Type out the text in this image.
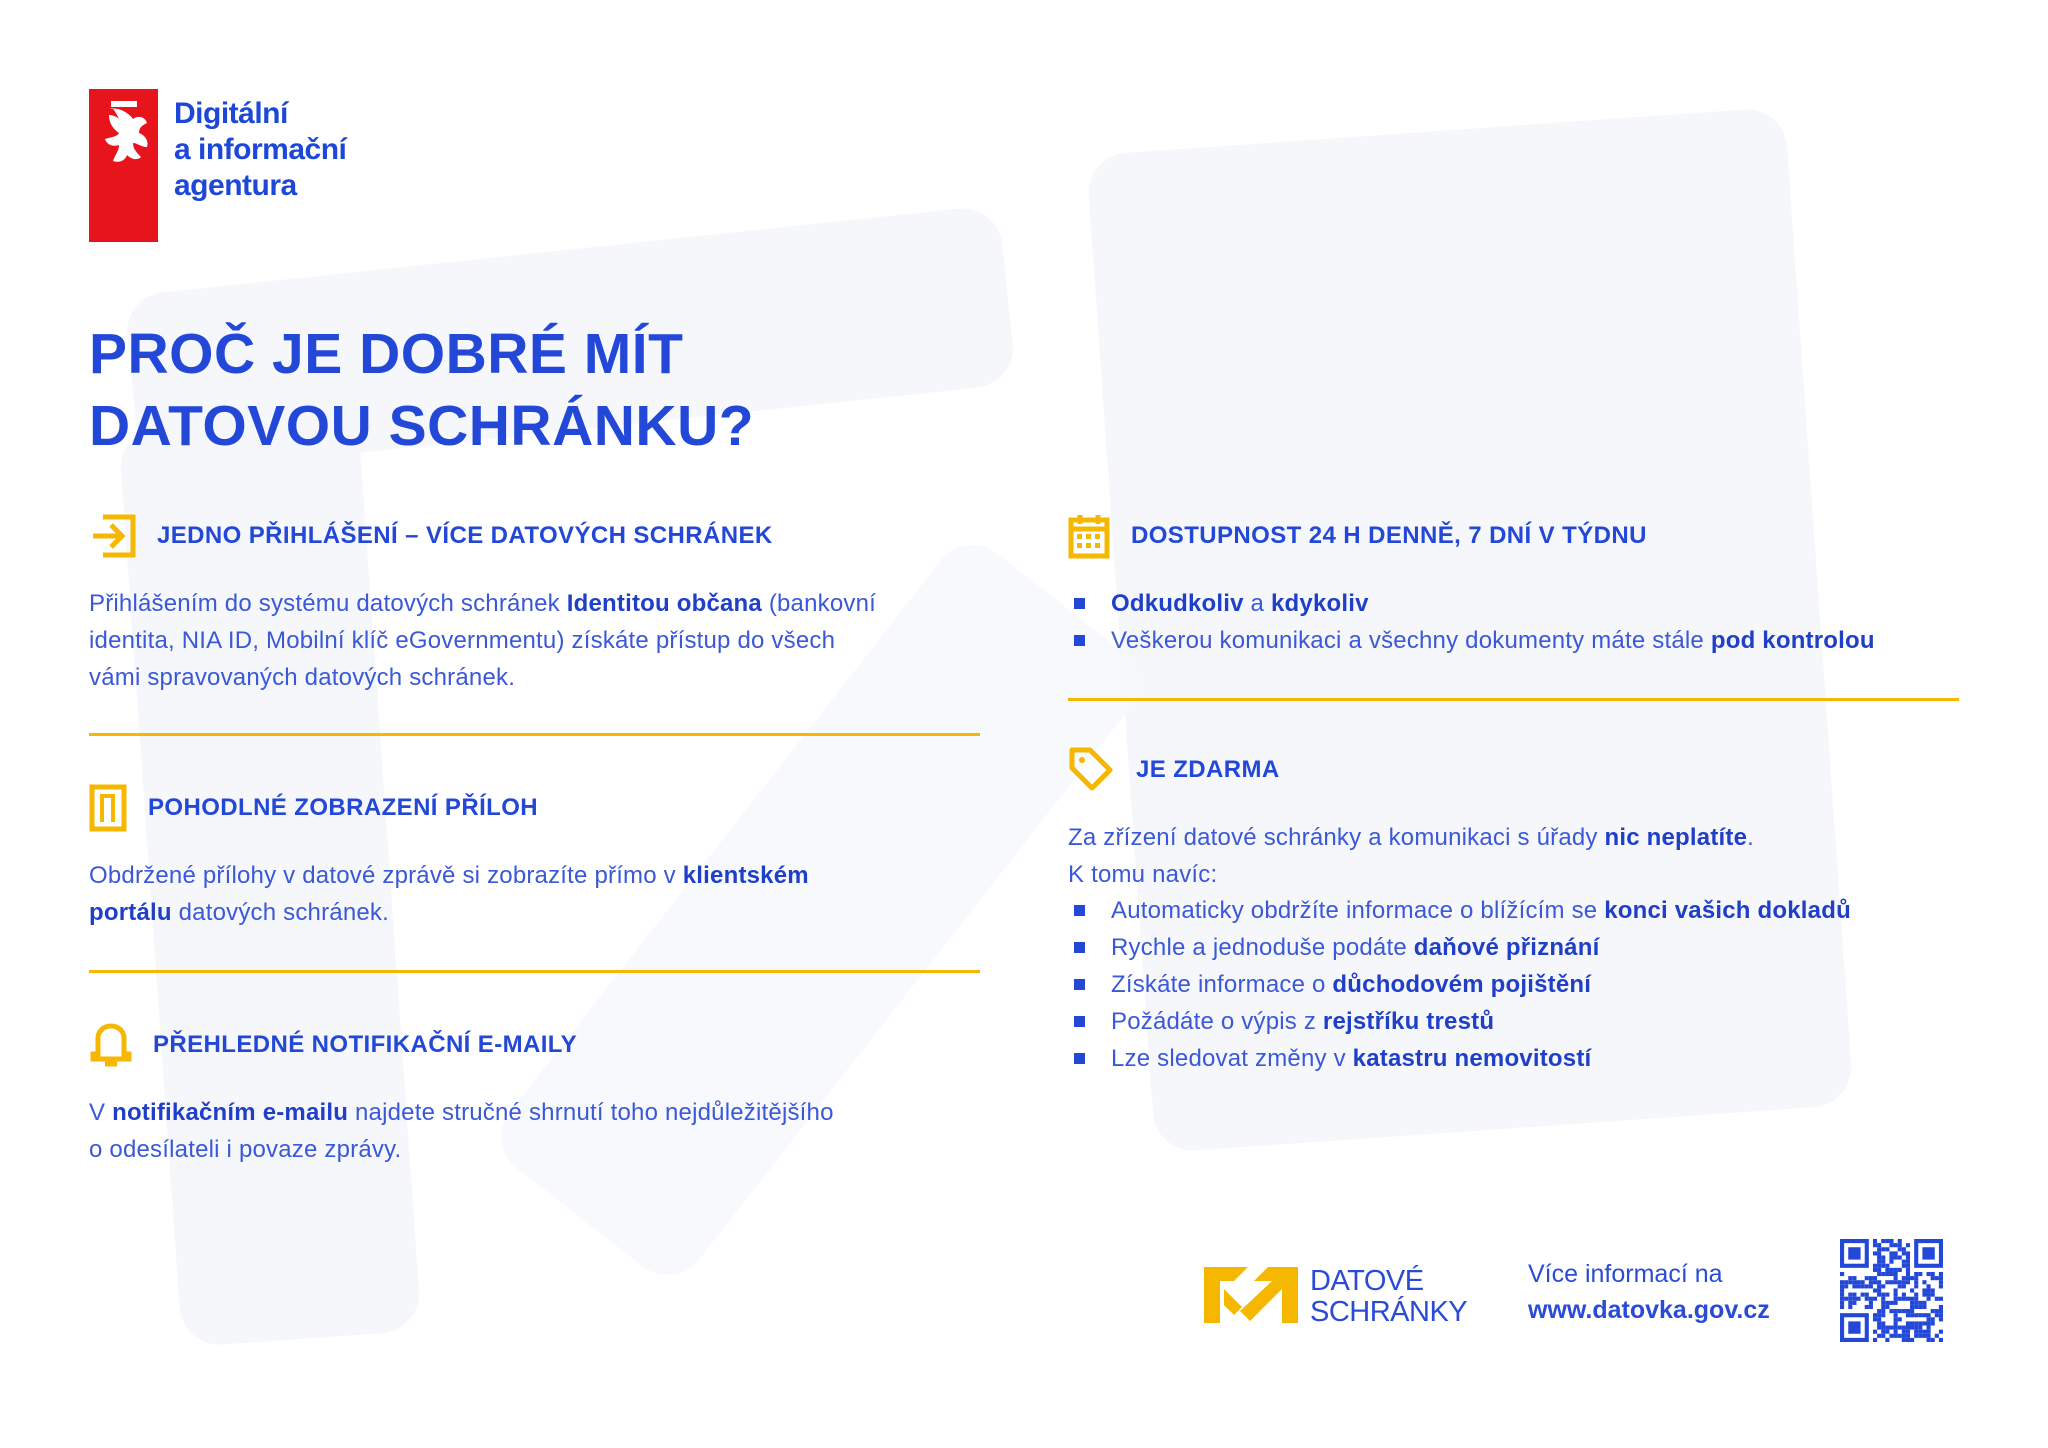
Digitální
a informační
agentura
PROČ JE DOBRÉ MÍT
DATOVOU SCHRÁNKU?
JEDNO PŘIHLÁŠENÍ – VÍCE DATOVÝCH SCHRÁNEK
Přihlášením do systému datových schránek Identitou občana (bankovní
identita, NIA ID, Mobilní klíč eGovernmentu) získáte přístup do všech
vámi spravovaných datových schránek.
POHODLNÉ ZOBRAZENÍ PŘÍLOH
Obdržené přílohy v datové zprávě si zobrazíte přímo v klientském
portálu datových schránek.
PŘEHLEDNÉ NOTIFIKAČNÍ E-MAILY
V notifikačním e-mailu najdete stručné shrnutí toho nejdůležitějšího
o odesílateli i povaze zprávy.
DOSTUPNOST 24 H DENNĚ, 7 DNÍ V TÝDNU
Odkudkoliv a kdykoliv
Veškerou komunikaci a všechny dokumenty máte stále pod kontrolou
JE ZDARMA
Za zřízení datové schránky a komunikaci s úřady nic neplatíte.
K tomu navíc:
Automaticky obdržíte informace o blížícím se konci vašich dokladů
Rychle a jednoduše podáte daňové přiznání
Získáte informace o důchodovém pojištění
Požádáte o výpis z rejstříku trestů
Lze sledovat změny v katastru nemovitostí
DATOVÉ
SCHRÁNKY
Více informací na
www.datovka.gov.cz
